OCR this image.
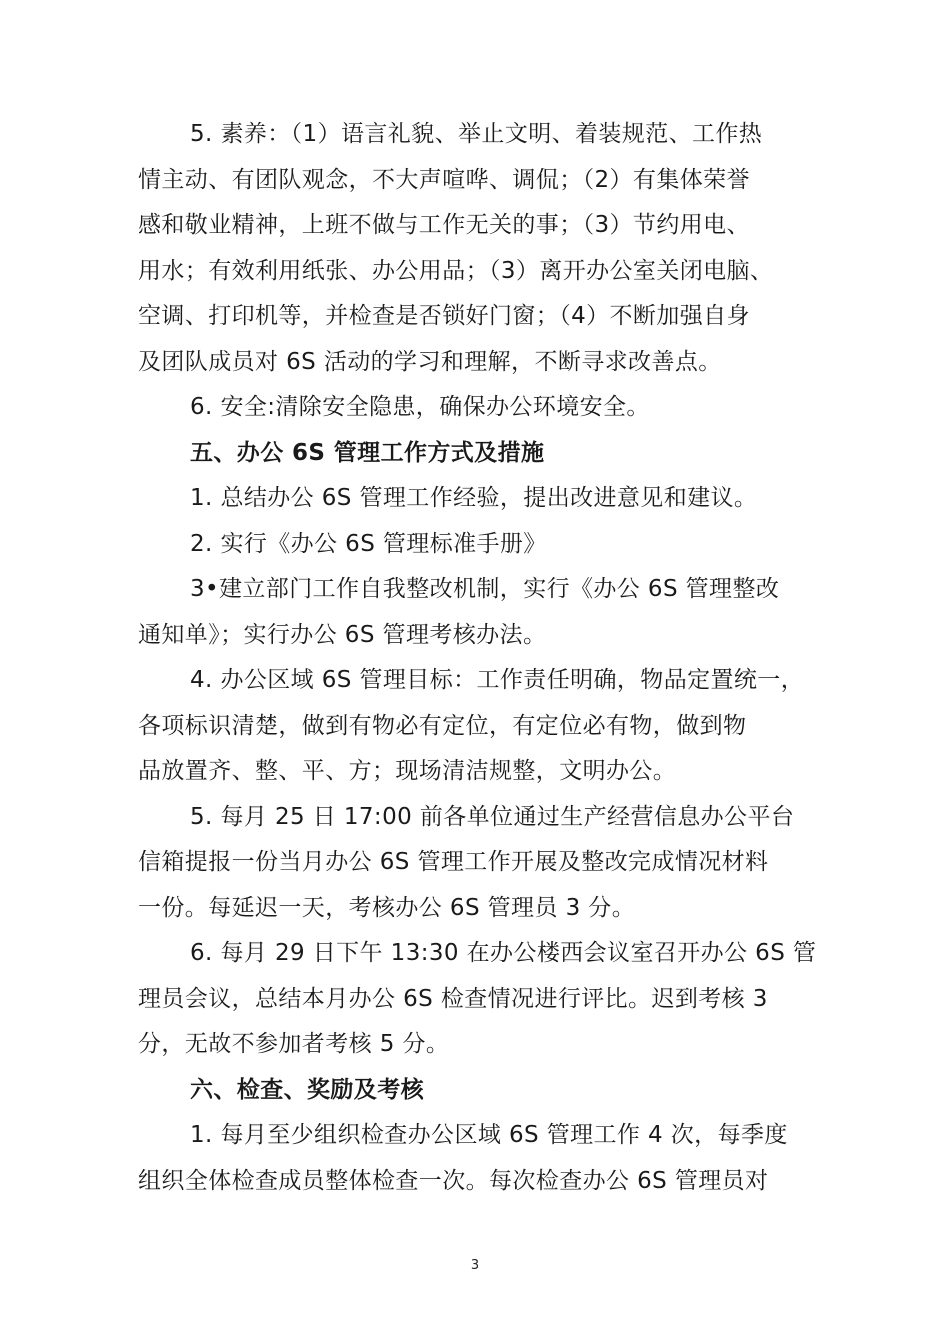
5. 素养：（1）语言礼貌、举止文明、着装规范、工作热
情主动、有团队观念，不大声喧哗、调侃；（2）有集体荣誉
感和敬业精神，上班不做与工作无关的事；（3）节约用电、
用水；有效利用纸张、办公用品；（3）离开办公室关闭电脑、
空调、打印机等，并检查是否锁好门窗；（4）不断加强自身
及团队成员对 6S 活动的学习和理解，不断寻求改善点。
6. 安全:清除安全隐患，确保办公环境安全。
五、办公 6S 管理工作方式及措施
1. 总结办公 6S 管理工作经验，提出改进意见和建议。
2. 实行《办公 6S 管理标准手册》
3•建立部门工作自我整改机制，实行《办公 6S 管理整改
通知单》；实行办公 6S 管理考核办法。
4. 办公区域 6S 管理目标：工作责任明确，物品定置统一，
各项标识清楚，做到有物必有定位，有定位必有物，做到物
品放置齐、整、平、方；现场清洁规整，文明办公。
5. 每月 25 日 17:00 前各单位通过生产经营信息办公平台
信箱提报一份当月办公 6S 管理工作开展及整改完成情况材料
一份。每延迟一天，考核办公 6S 管理员 3 分。
6. 每月 29 日下午 13:30 在办公楼西会议室召开办公 6S 管
理员会议，总结本月办公 6S 检查情况进行评比。迟到考核 3
分，无故不参加者考核 5 分。
六、检查、奖励及考核
1. 每月至少组织检查办公区域 6S 管理工作 4 次，每季度
组织全体检查成员整体检查一次。每次检查办公 6S 管理员对
3
